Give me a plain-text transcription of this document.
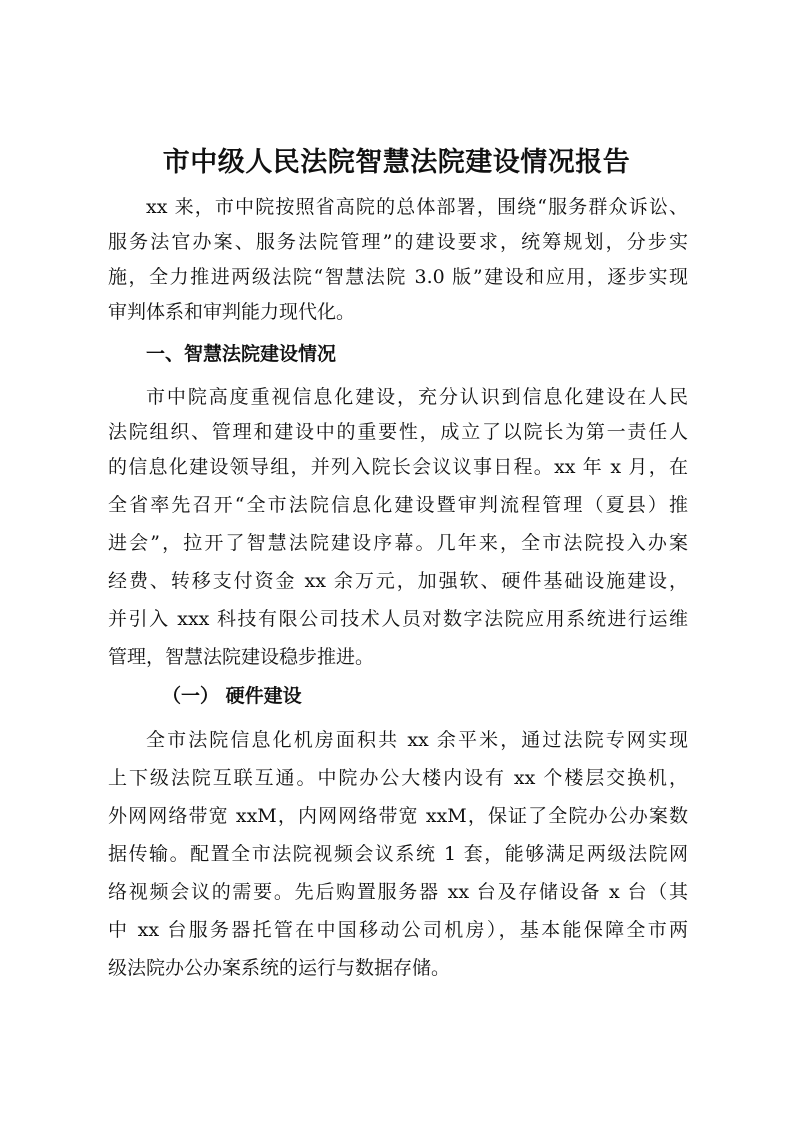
市中级人民法院智慧法院建设情况报告
xx 来，市中院按照省高院的总体部署，围绕“服务群众诉讼、
服务法官办案、服务法院管理”的建设要求，统筹规划，分步实
施，全力推进两级法院“智慧法院 3.0 版”建设和应用，逐步实现
审判体系和审判能力现代化。
一、智慧法院建设情况
市中院高度重视信息化建设，充分认识到信息化建设在人民
法院组织、管理和建设中的重要性，成立了以院长为第一责任人
的信息化建设领导组，并列入院长会议议事日程。xx 年 x 月，在
全省率先召开“全市法院信息化建设暨审判流程管理（夏县）推
进会”，拉开了智慧法院建设序幕。几年来，全市法院投入办案
经费、转移支付资金 xx 余万元，加强软、硬件基础设施建设，
并引入 xxx 科技有限公司技术人员对数字法院应用系统进行运维
管理，智慧法院建设稳步推进。
（一） 硬件建设
全市法院信息化机房面积共 xx 余平米，通过法院专网实现
上下级法院互联互通。中院办公大楼内设有 xx 个楼层交换机，
外网网络带宽 xxM，内网网络带宽 xxM，保证了全院办公办案数
据传输。配置全市法院视频会议系统 1 套，能够满足两级法院网
络视频会议的需要。先后购置服务器 xx 台及存储设备 x 台（其
中 xx 台服务器托管在中国移动公司机房），基本能保障全市两
级法院办公办案系统的运行与数据存储。
